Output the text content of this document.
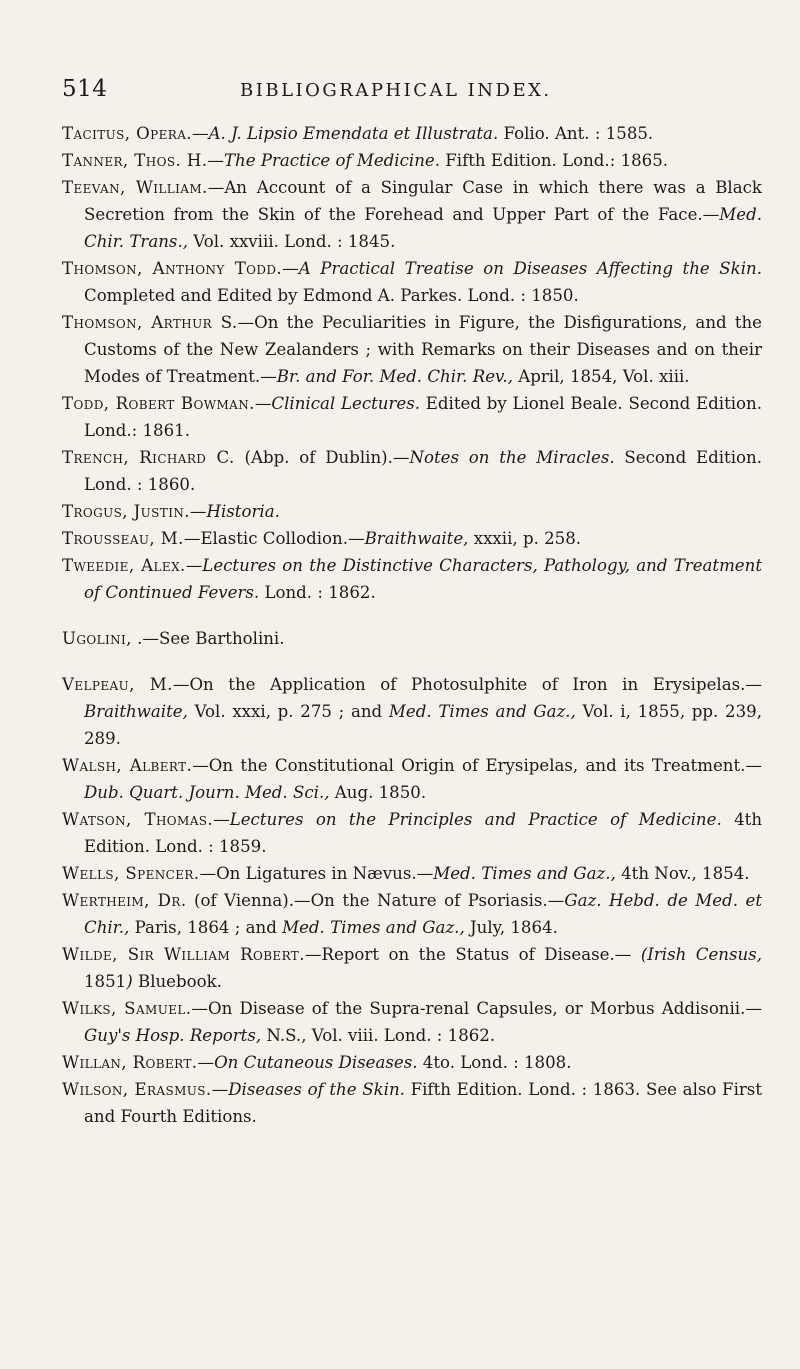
514	BIBLIOGRAPHICAL INDEX.
Tacitus, Opera.—A. J. Lipsio Emendata et Illustrata. Folio. Ant. : 1585.
Tanner, Thos. H.—The Practice of Medicine. Fifth Edition. Lond.: 1865.
Teevan, William.—An Account of a Singular Case in which there was a Black Secretion from the Skin of the Forehead and Upper Part of the Face.—Med. Chir. Trans., Vol. xxviii. Lond. : 1845.
Thomson, Anthony Todd.—A Practical Treatise on Diseases Affecting the Skin. Completed and Edited by Edmond A. Parkes. Lond. : 1850.
Thomson, Arthur S.—On the Peculiarities in Figure, the Disfigurations, and the Customs of the New Zealanders ; with Remarks on their Diseases and on their Modes of Treatment.—Br. and For. Med. Chir. Rev., April, 1854, Vol. xiii.
Todd, Robert Bowman.—Clinical Lectures. Edited by Lionel Beale. Second Edition. Lond.: 1861.
Trench, Richard C. (Abp. of Dublin).—Notes on the Miracles. Second Edition. Lond. : 1860.
Trogus, Justin.—Historia.
Trousseau, M.—Elastic Collodion.—Braithwaite, xxxii, p. 258.
Tweedie, Alex.—Lectures on the Distinctive Characters, Pathology, and Treatment of Continued Fevers. Lond. : 1862.
Ugolini, .—See Bartholini.
Velpeau, M.—On the Application of Photosulphite of Iron in Erysipelas.—Braithwaite, Vol. xxxi, p. 275 ; and Med. Times and Gaz., Vol. i, 1855, pp. 239, 289.
Walsh, Albert.—On the Constitutional Origin of Erysipelas, and its Treatment.—Dub. Quart. Journ. Med. Sci., Aug. 1850.
Watson, Thomas.—Lectures on the Principles and Practice of Medicine. 4th Edition. Lond. : 1859.
Wells, Spencer.—On Ligatures in Nævus.—Med. Times and Gaz., 4th Nov., 1854.
Wertheim, Dr. (of Vienna).—On the Nature of Psoriasis.—Gaz. Hebd. de Med. et Chir., Paris, 1864 ; and Med. Times and Gaz., July, 1864.
Wilde, Sir William Robert.—Report on the Status of Disease.— (Irish Census, 1851) Bluebook.
Wilks, Samuel.—On Disease of the Supra-renal Capsules, or Morbus Addisonii.—Guy's Hosp. Reports, N.S., Vol. viii. Lond. : 1862.
Willan, Robert.—On Cutaneous Diseases. 4to. Lond. : 1808.
Wilson, Erasmus.—Diseases of the Skin. Fifth Edition. Lond. : 1863. See also First and Fourth Editions.
